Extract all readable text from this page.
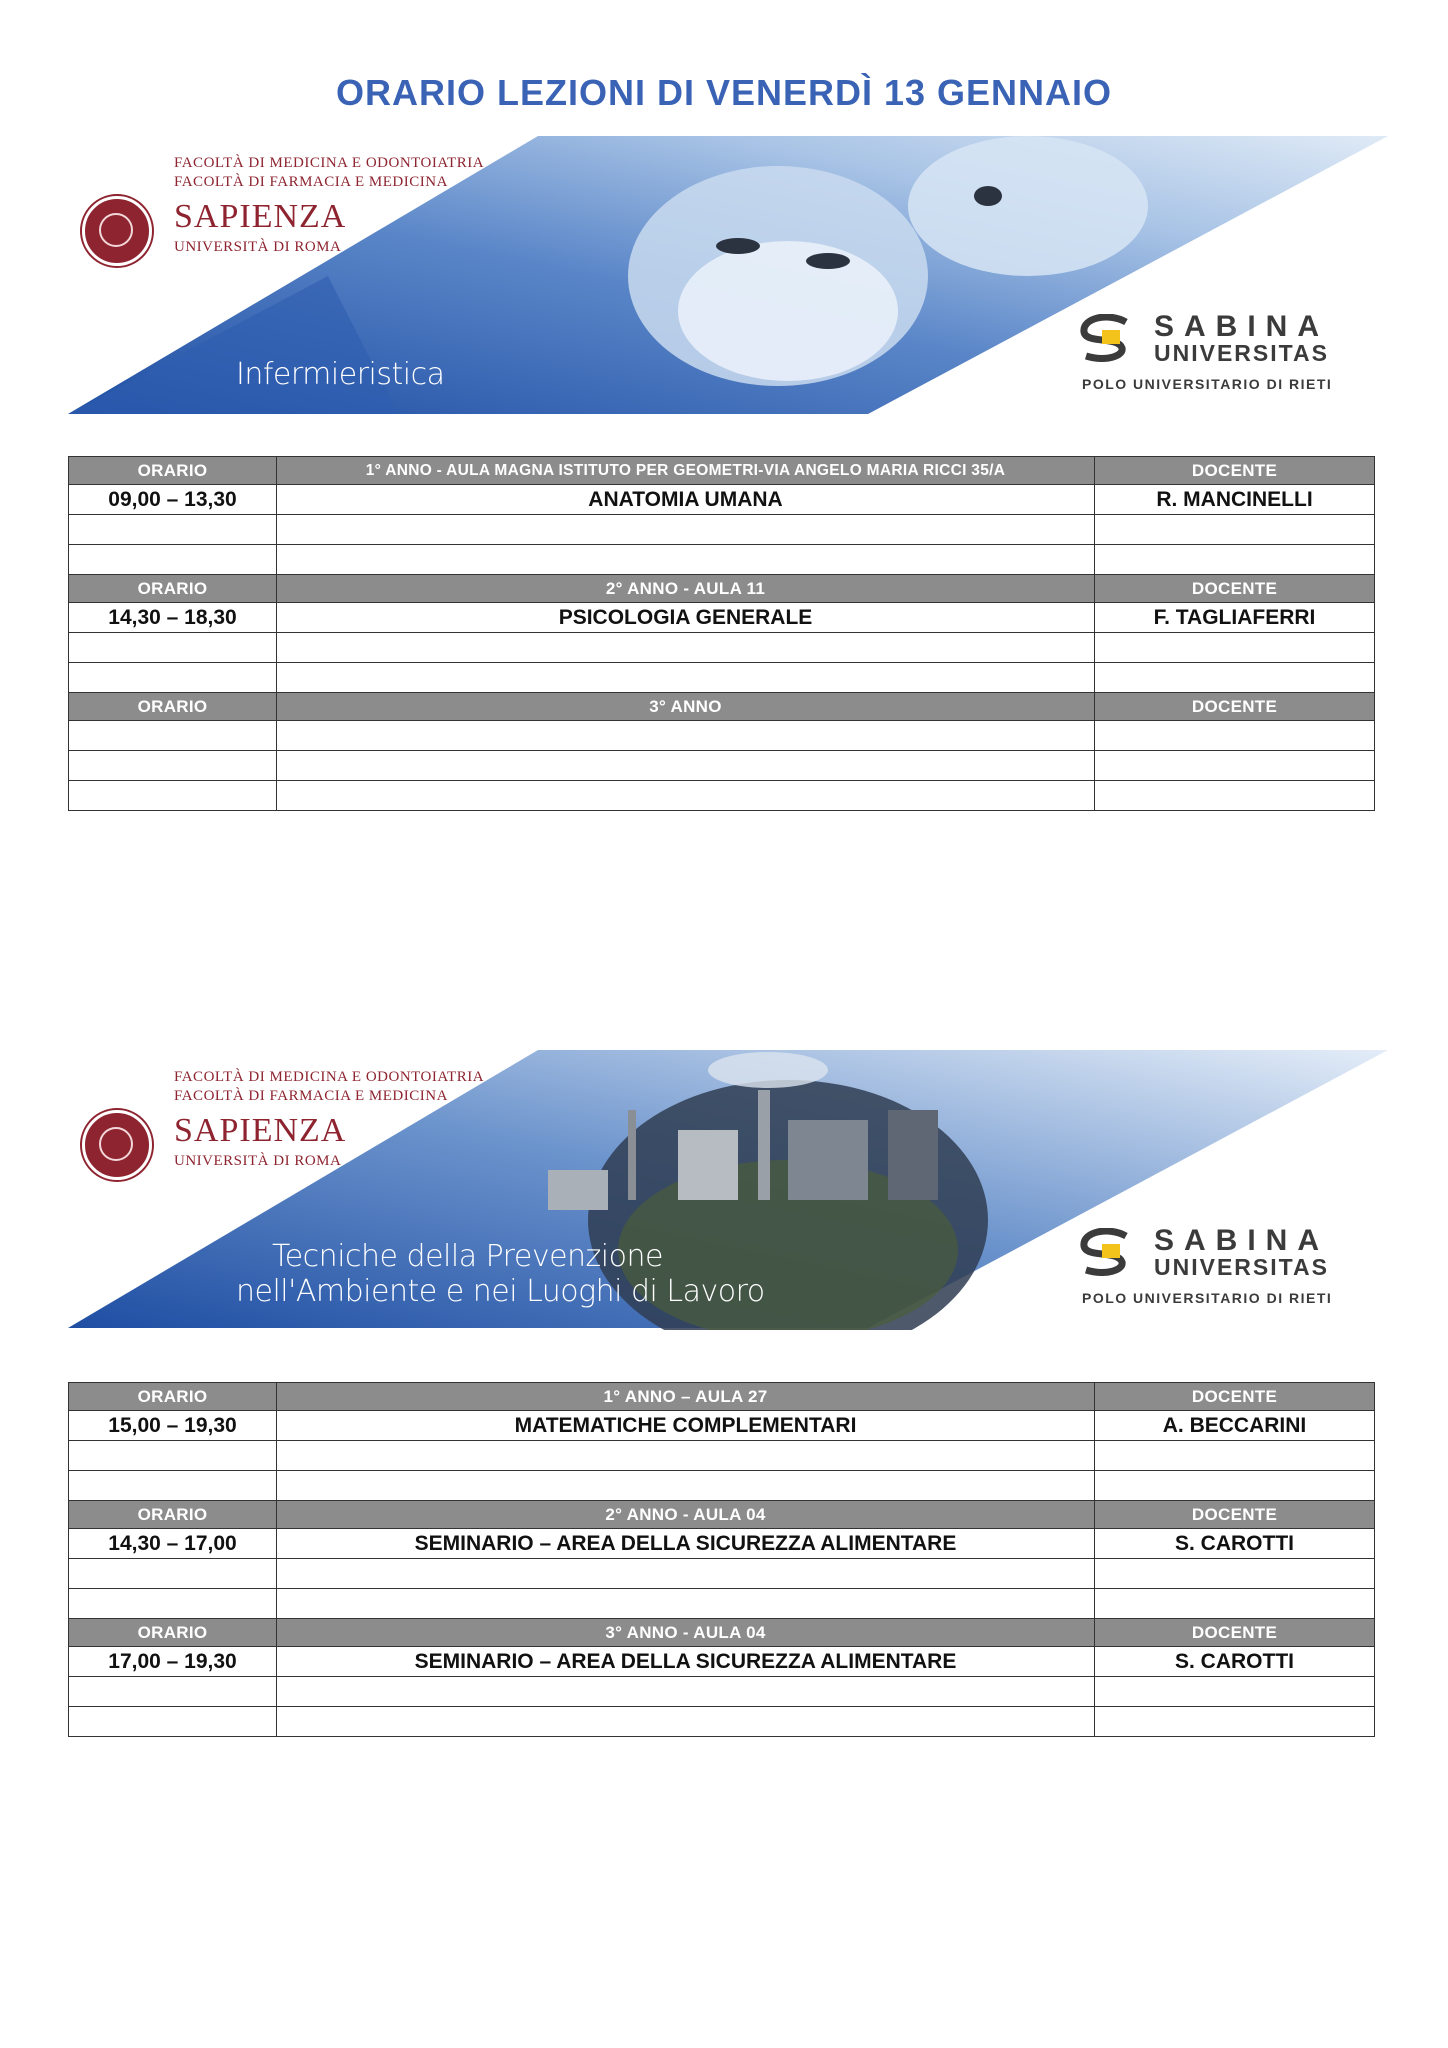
ORARIO LEZIONI DI VENERDÌ 13 GENNAIO
FACOLTÀ DI MEDICINA E ODONTOIATRIA
FACOLTÀ DI FARMACIA E MEDICINA
SAPIENZA
UNIVERSITÀ DI ROMA
Infermieristica
SABINA
UNIVERSITAS
POLO UNIVERSITARIO DI RIETI
ORARIO	1° ANNO - AULA MAGNA ISTITUTO PER GEOMETRI-VIA ANGELO MARIA RICCI 35/A	DOCENTE
09,00 – 13,30	ANATOMIA UMANA	R. MANCINELLI

ORARIO	2° ANNO - AULA 11	DOCENTE
14,30 – 18,30	PSICOLOGIA GENERALE	F. TAGLIAFERRI

ORARIO	3° ANNO	DOCENTE

FACOLTÀ DI MEDICINA E ODONTOIATRIA
FACOLTÀ DI FARMACIA E MEDICINA
SAPIENZA
UNIVERSITÀ DI ROMA
Tecniche della Prevenzione
nell'Ambiente e nei Luoghi di Lavoro
SABINA
UNIVERSITAS
POLO UNIVERSITARIO DI RIETI
ORARIO	1° ANNO – AULA 27	DOCENTE
15,00 – 19,30	MATEMATICHE COMPLEMENTARI	A. BECCARINI

ORARIO	2° ANNO - AULA 04	DOCENTE
14,30 – 17,00	SEMINARIO – AREA DELLA SICUREZZA ALIMENTARE	S. CAROTTI

ORARIO	3° ANNO - AULA 04	DOCENTE
17,00 – 19,30	SEMINARIO – AREA DELLA SICUREZZA ALIMENTARE	S. CAROTTI
